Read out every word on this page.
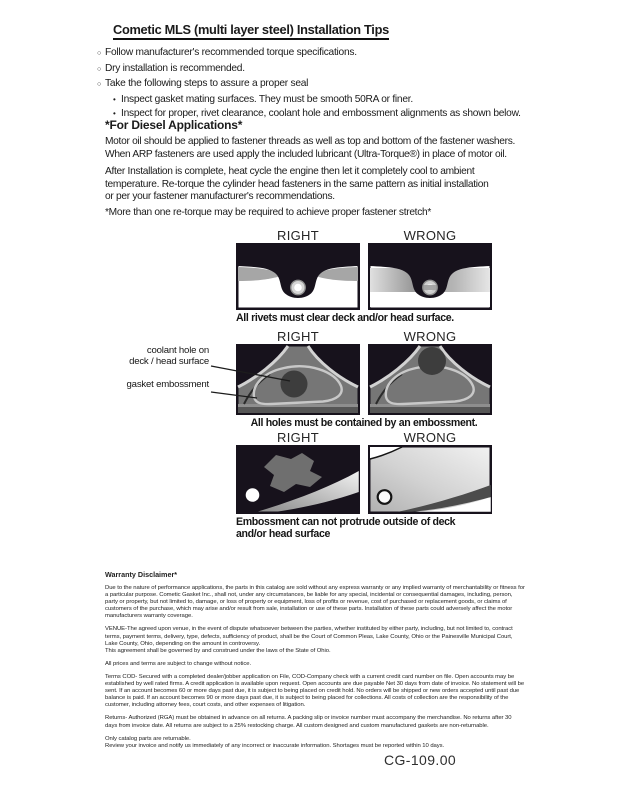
Cometic MLS (multi layer steel) Installation Tips
○ Follow manufacturer's recommended torque specifications.
○ Dry installation is recommended.
○ Take the following steps to assure a proper seal
• Inspect gasket mating surfaces. They must be smooth 50RA or finer.
• Inspect for proper, rivet clearance, coolant hole and embossment alignments as shown below.
*For Diesel Applications*
Motor oil should be applied to fastener threads as well as top and bottom of the fastener washers.
When ARP fasteners are used apply the included lubricant (Ultra-Torque®) in place of motor oil.
After Installation is complete, heat cycle the engine then let it completely cool to ambient
temperature. Re-torque the cylinder head fasteners in the same pattern as initial installation
or per your fastener manufacturer's recommendations.
*More than one re-torque may be required to achieve proper fastener stretch*
RIGHT	WRONG
All rivets must clear deck and/or head surface.
RIGHT	WRONG
All holes must be contained by an embossment.
coolant hole on
deck / head surface
gasket embossment
RIGHT	WRONG
Embossment can not protrude outside of deck
and/or head surface
Warranty Disclaimer*
Due to the nature of performance applications, the parts in this catalog are sold without any express warranty or any implied warranty of merchantability or fitness for a particular purpose. Cometic Gasket Inc., shall not, under any circumstances, be liable for any special, incidental or consequential damages, including, person, party or property, but not limited to, damage, or loss of property or equipment, loss of profits or revenue, cost of purchased or replacement goods, or claims of customers of the purchase, which may arise and/or result from sale, installation or use of these parts. Installation of these parts could adversely affect the motor manufacturers warranty coverage.
VENUE-The agreed upon venue, in the event of dispute whatsoever between the parties, whether instituted by either party, including, but not limited to, contract terms, payment terms, delivery, type, defects, sufficiency of product, shall be the Court of Common Pleas, Lake County, Ohio or the Painesville Municipal Court, Lake County, Ohio, depending on the amount in controversy.
This agreement shall be governed by and construed under the laws of the State of Ohio.
All prices and terms are subject to change without notice.
Terms COD- Secured with a completed dealer/jobber application on File, COD-Company check with a current credit card number on file. Open accounts may be established by well rated firms. A credit application is available upon request. Open accounts are due payable Net 30 days from date of invoice. No statement will be sent. If an account becomes 60 or more days past due, it is subject to being placed on credit hold. No orders will be shipped or new orders accepted until past due balance is paid. If an account becomes 90 or more days past due, it is subject to being placed for collections. All costs of collection are the responsibility of the customer, including attorney fees, court costs, and other expenses of litigation.
Returns- Authorized (RGA) must be obtained in advance on all returns. A packing slip or invoice number must accompany the merchandise. No returns after 30 days from invoice date. All returns are subject to a 25% restocking charge. All custom designed and custom manufactured gaskets are non-returnable.
Only catalog parts are returnable.
Review your invoice and notify us immediately of any incorrect or inaccurate information. Shortages must be reported within 10 days.
CG-109.00
